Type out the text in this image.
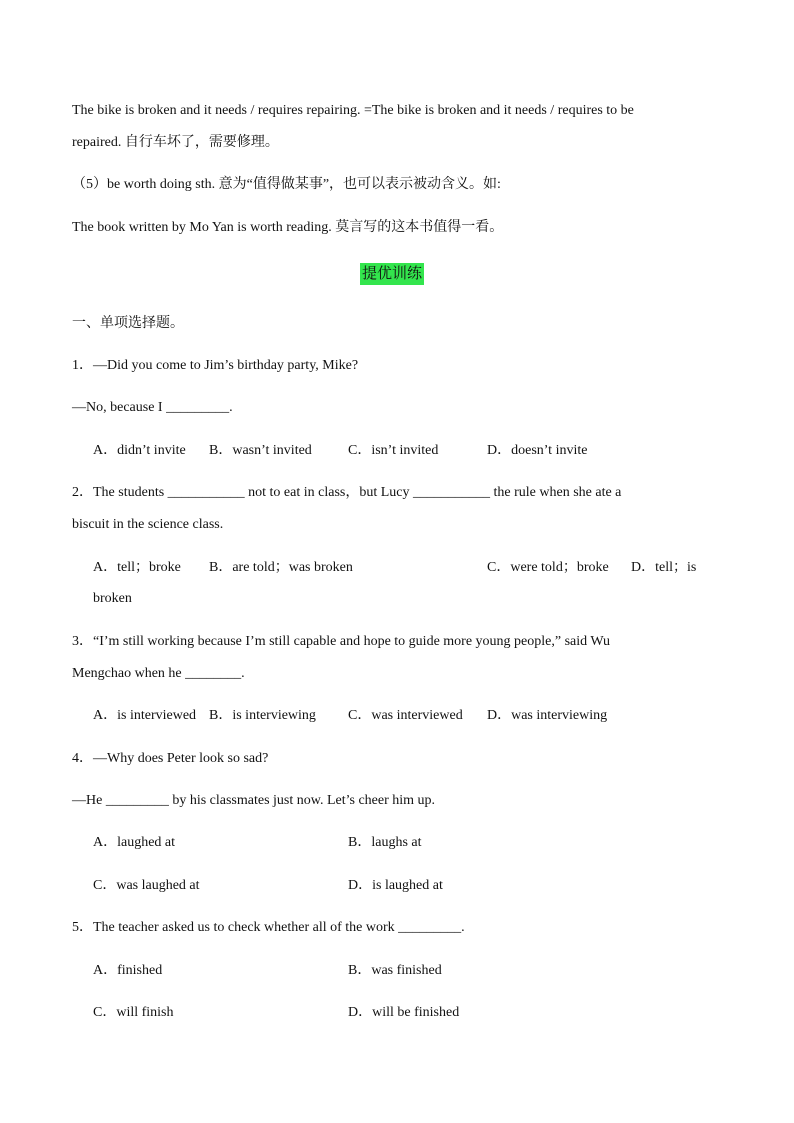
The bike is broken and it needs / requires repairing. =The bike is broken and it needs / requires to be
repaired. 自行车坏了，需要修理。
（5）be worth doing sth. 意为“值得做某事”，也可以表示被动含义。如:
The book written by Mo Yan is worth reading. 莫言写的这本书值得一看。
提优训练
一、单项选择题。
1．—Did you come to Jim’s birthday party, Mike?
—No, because I _________.
A．didn’t invite B．wasn’t invited	C．isn’t invited	D．doesn’t invite
2．The students ___________ not to eat in class，but Lucy ___________ the rule when she ate a
biscuit in the science class.
A．tell；broke B．are told；was broken	C．were told；broke D．tell；is
broken
3．“I’m still working because I’m still capable and hope to guide more young people,” said Wu
Mengchao when he ________.
A．is interviewed B．is interviewing C．was interviewed D．was interviewing
4．—Why does Peter look so sad?
—He _________ by his classmates just now. Let’s cheer him up.
A．laughed at	B．laughs at
C．was laughed at	D．is laughed at
5．The teacher asked us to check whether all of the work _________.
A．finished	B．was finished
C．will finish	D．will be finished
